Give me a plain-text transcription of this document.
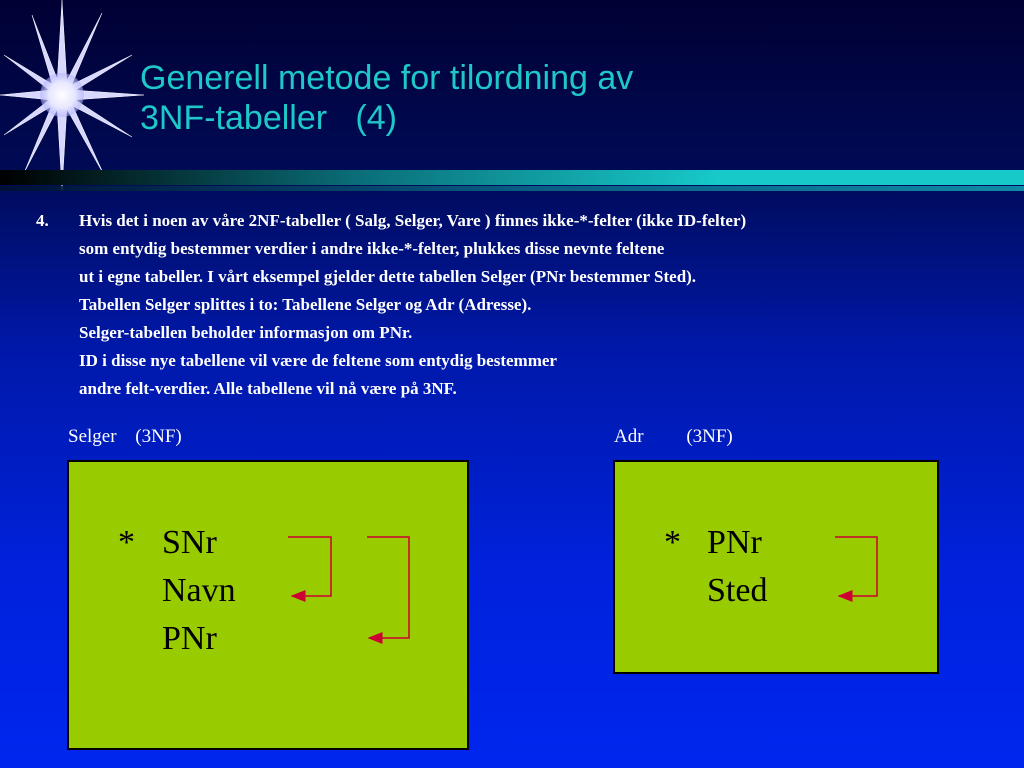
Generell metode for tilordning av
3NF-tabeller   (4)
4. Hvis det i noen av våre 2NF-tabeller ( Salg, Selger, Vare ) finnes ikke-*-felter (ikke ID-felter)
som entydig bestemmer verdier i andre ikke-*-felter, plukkes disse nevnte feltene
ut i egne tabeller. I vårt eksempel gjelder dette tabellen Selger (PNr bestemmer Sted).
Tabellen Selger splittes i to: Tabellene Selger og Adr (Adresse).
Selger-tabellen beholder informasjon om PNr.
ID i disse nye tabellene vil være de feltene som entydig bestemmer
andre felt-verdier. Alle tabellene vil nå være på 3NF.
Selger (3NF)	Adr (3NF)
* SNr
Navn
PNr
* PNr
Sted
